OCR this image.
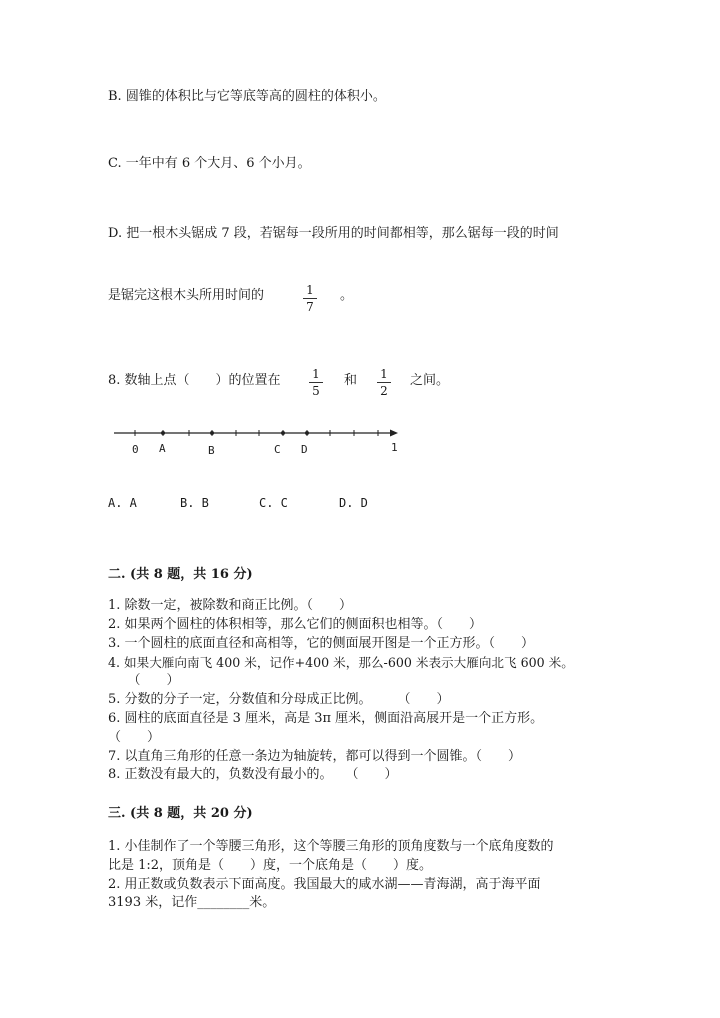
B. 圆锥的体积比与它等底等高的圆柱的体积小。
C. 一年中有 6 个大月、6 个小月。
D. 把一根木头锯成 7 段，若锯每一段所用的时间都相等，那么锯每一段的时间
是锯完这根木头所用时间的	1
7
。
8. 数轴上点（　　）的位置在	1
5
和 1
2
之间。
0 A	B	C D	1
A. A	B. B	C. C	D. D
二. (共 8 题，共 16 分)
1. 除数一定，被除数和商正比例。（　　）
2. 如果两个圆柱的体积相等，那么它们的侧面积也相等。（　　）
3. 一个圆柱的底面直径和高相等，它的侧面展开图是一个正方形。（　　）
4. 如果大雁向南飞 400 米，记作+400 米，那么-600 米表示大雁向北飞 600 米。
　　（　　）
5. 分数的分子一定，分数值和分母成正比例。　　　（　　）
6. 圆柱的底面直径是 3 厘米，高是 3π 厘米，侧面沿高展开是一个正方形。
（　　）
7. 以直角三角形的任意一条边为轴旋转，都可以得到一个圆锥。（　　）
8. 正数没有最大的，负数没有最小的。　　（　　）
三. (共 8 题，共 20 分)
1. 小佳制作了一个等腰三角形，这个等腰三角形的顶角度数与一个底角度数的
比是 1:2，顶角是（　　）度，一个底角是（　　）度。
2. 用正数或负数表示下面高度。我国最大的咸水湖——青海湖，高于海平面
3193 米，记作________米。
